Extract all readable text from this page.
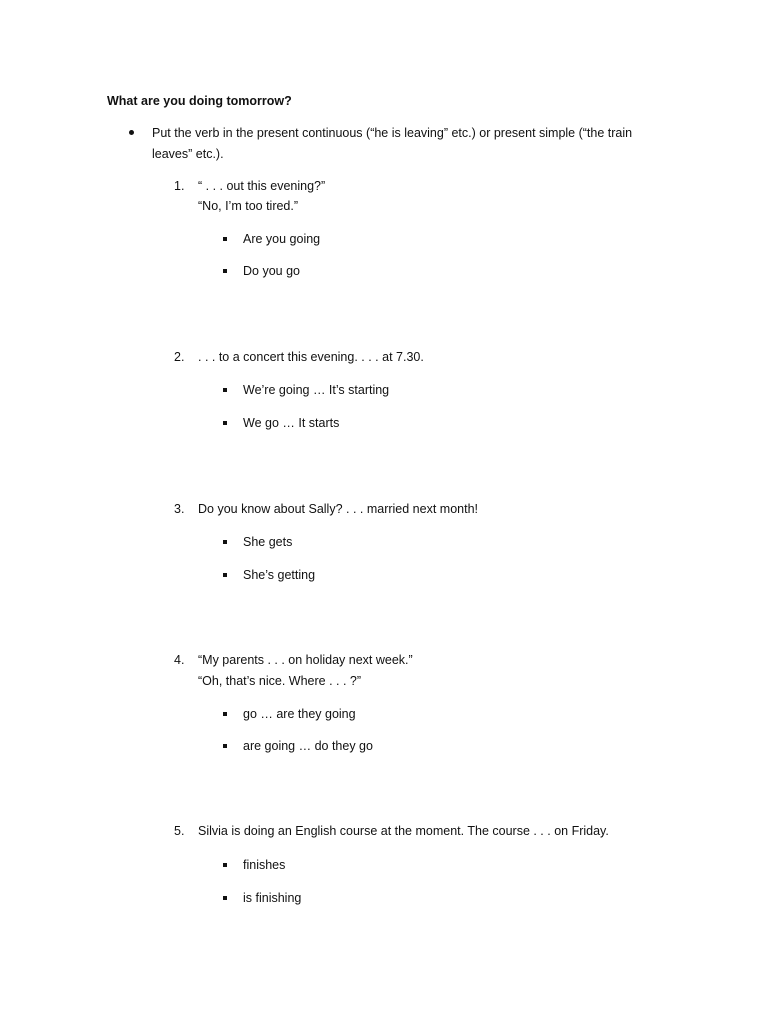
What are you doing tomorrow?
Put the verb in the present continuous (“he is leaving” etc.) or present simple (“the train
leaves” etc.).
1. “ . . . out this evening?”
“No, I’m too tired.”
Are you going
Do you go
2. . . . to a concert this evening. . . . at 7.30.
We’re going … It’s starting
We go … It starts
3. Do you know about Sally? . . . married next month!
She gets
She’s getting
4. “My parents . . . on holiday next week.”
“Oh, that’s nice. Where . . . ?”
go … are they going
are going … do they go
5. Silvia is doing an English course at the moment. The course . . . on Friday.
finishes
is finishing
